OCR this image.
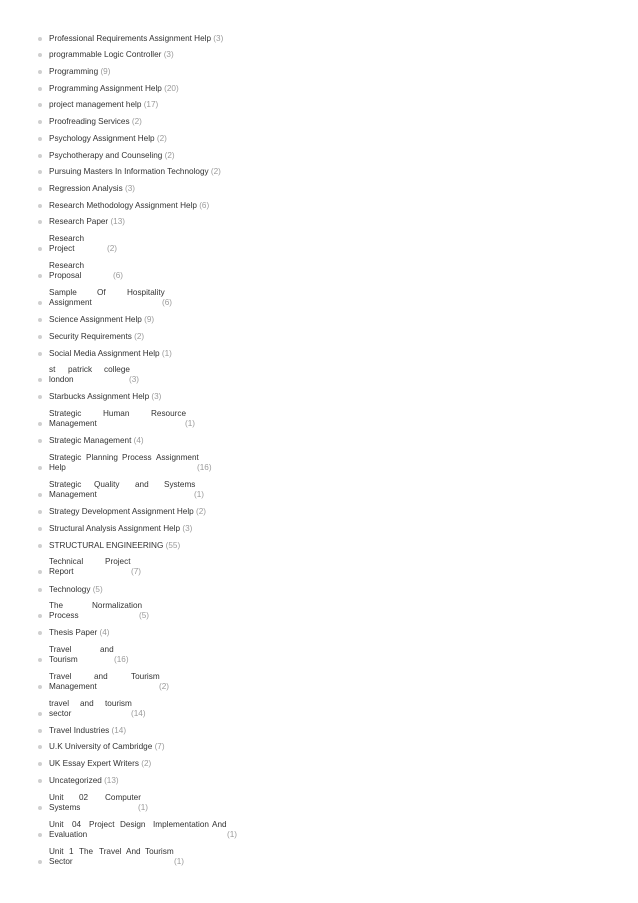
Professional Requirements Assignment Help (3)
programmable Logic Controller (3)
Programming (9)
Programming Assignment Help (20)
project management help (17)
Proofreading Services (2)
Psychology Assignment Help (2)
Psychotherapy and Counseling (2)
Pursuing Masters In Information Technology (2)
Regression Analysis (3)
Research Methodology Assignment Help (6)
Research Paper (13)
Research
Project	(2)
Research
Proposal	(6)
Sample Of	Hospitality
Assignment	(6)
Science Assignment Help (9)
Security Requirements (2)
Social Media Assignment Help (1)
st patrick college
london	(3)
Starbucks Assignment Help (3)
Strategic	Human	Resource
Management	(1)
Strategic Management (4)
Strategic Planning Process Assignment
Help	(16)
Strategic Quality and Systems
Management	(1)
Strategy Development Assignment Help (2)
Structural Analysis Assignment Help (3)
STRUCTURAL ENGINEERING (55)
Technical	Project
Report	(7)
Technology (5)
The	Normalization
Process	(5)
Thesis Paper (4)
Travel	and
Tourism	(16)
Travel	and	Tourism
Management	(2)
travel and tourism
sector	(14)
Travel Industries (14)
U.K University of Cambridge (7)
UK Essay Expert Writers (2)
Uncategorized (13)
Unit 02 Computer
Systems	(1)
Unit 04 Project Design Implementation And
Evaluation	(1)
Unit 1 The Travel And Tourism
Sector	(1)
